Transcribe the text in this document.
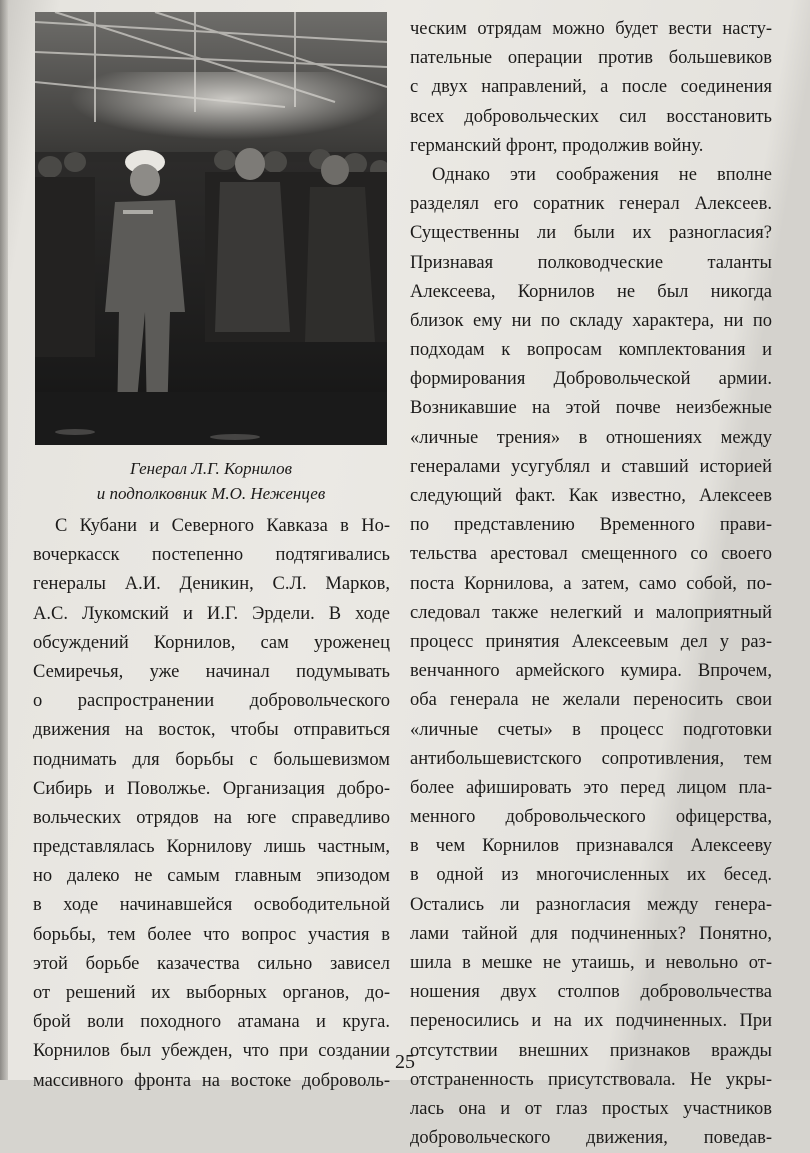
Генерал Л.Г. Корнилов
и подполковник М.О. Неженцев
С Кубани и Северного Кавказа в Но-
вочеркасск постепенно подтягивались
генералы А.И. Деникин, С.Л. Марков,
А.С. Лукомский и И.Г. Эрдели. В ходе
обсуждений Корнилов, сам уроженец
Семиречья, уже начинал подумывать
о распространении добровольческого
движения на восток, чтобы отправиться
поднимать для борьбы с большевизмом
Сибирь и Поволжье. Организация добро-
вольческих отрядов на юге справедливо
представлялась Корнилову лишь частным,
но далеко не самым главным эпизодом
в ходе начинавшейся освободительной
борьбы, тем более что вопрос участия в
этой борьбе казачества сильно зависел
от решений их выборных органов, до-
брой воли походного атамана и круга.
Корнилов был убежден, что при создании
массивного фронта на востоке доброволь-
ческим отрядам можно будет вести насту-
пательные операции против большевиков
с двух направлений, а после соединения
всех добровольческих сил восстановить
германский фронт, продолжив войну.
Однако эти соображения не вполне
разделял его соратник генерал Алексеев.
Существенны ли были их разногласия?
Признавая полководческие таланты
Алексеева, Корнилов не был никогда
близок ему ни по складу характера, ни по
подходам к вопросам комплектования и
формирования Добровольческой армии.
Возникавшие на этой почве неизбежные
«личные трения» в отношениях между
генералами усугублял и ставший историей
следующий факт. Как известно, Алексеев
по представлению Временного прави-
тельства арестовал смещенного со своего
поста Корнилова, а затем, само собой, по-
следовал также нелегкий и малоприятный
процесс принятия Алексеевым дел у раз-
венчанного армейского кумира. Впрочем,
оба генерала не желали переносить свои
«личные счеты» в процесс подготовки
антибольшевистского сопротивления, тем
более афишировать это перед лицом пла-
менного добровольческого офицерства,
в чем Корнилов признавался Алексееву
в одной из многочисленных их бесед.
Остались ли разногласия между генера-
лами тайной для подчиненных? Понятно,
шила в мешке не утаишь, и невольно от-
ношения двух столпов добровольчества
переносились и на их подчиненных. При
отсутствии внешних признаков вражды
отстраненность присутствовала. Не укры-
лась она и от глаз простых участников
добровольческого движения, поведав-
25
